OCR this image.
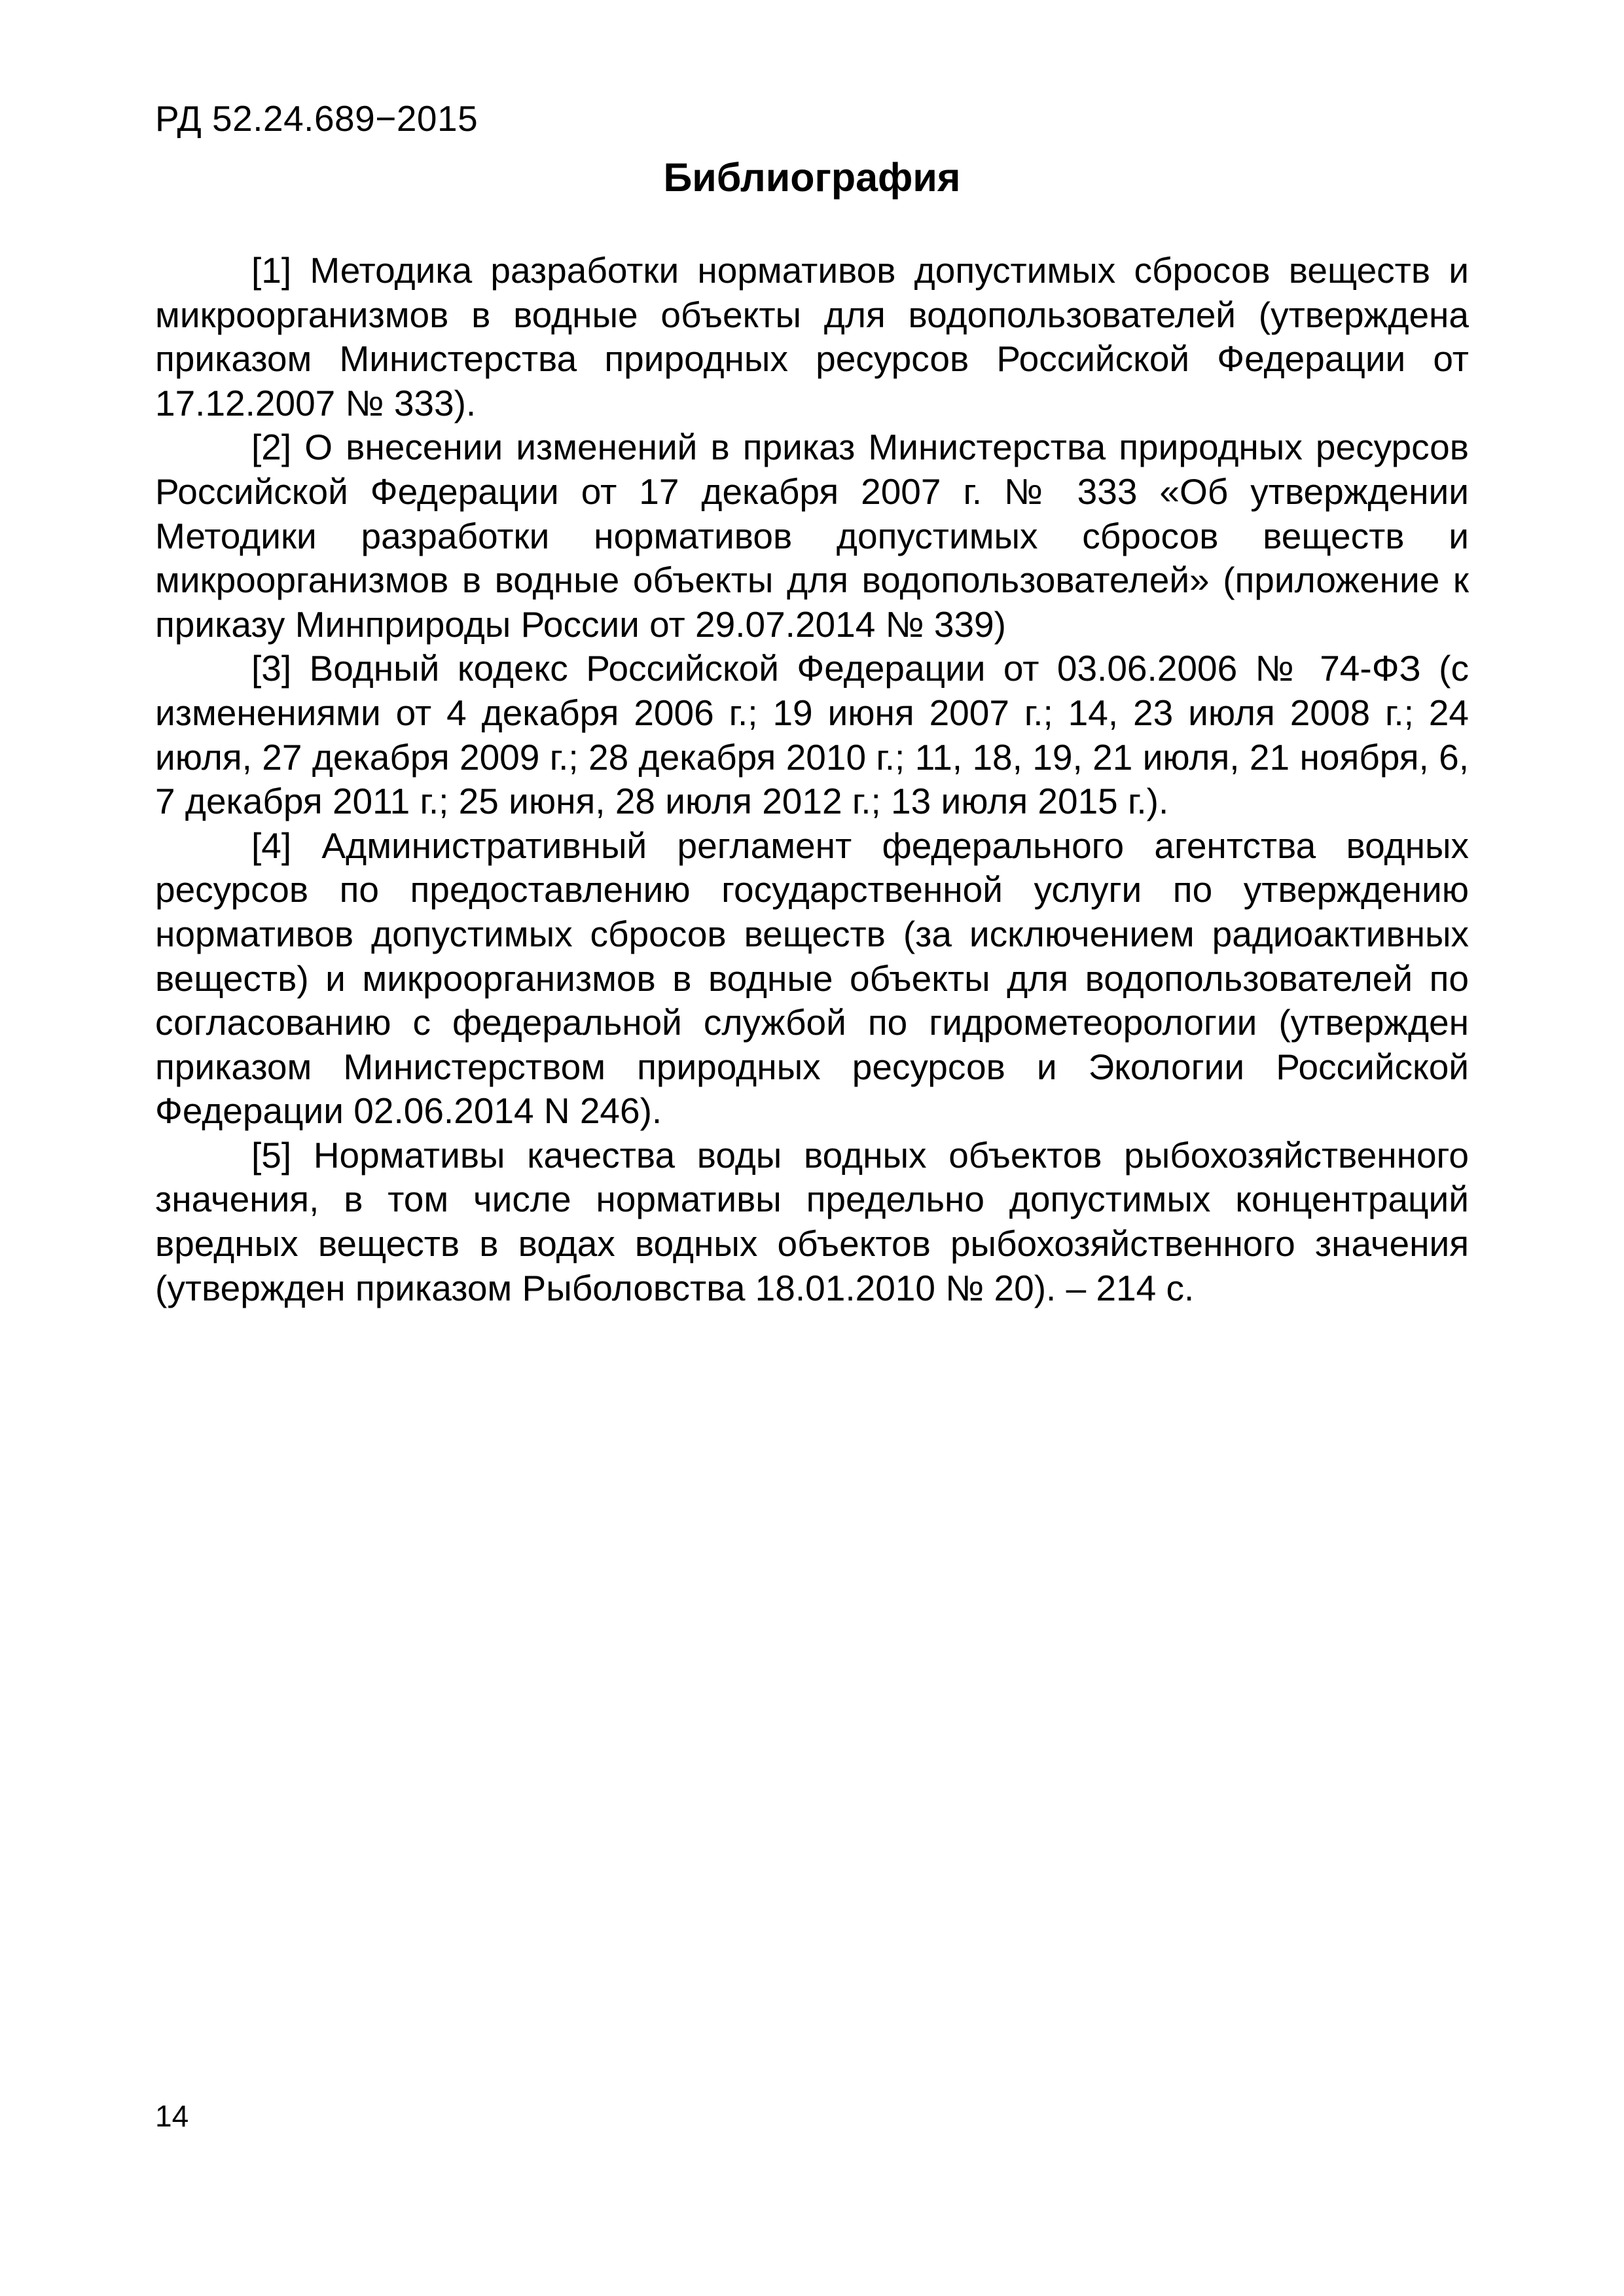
РД 52.24.689−2015
Библиография

[1] Методика разработки нормативов допустимых сбросов веществ и микроорганизмов в водные объекты для водопользователей (утверждена приказом Министерства природных ресурсов Российской Федерации от 17.12.2007 № 333).

[2] О внесении изменений в приказ Министерства природных ресурсов Российской Федерации от 17 декабря 2007 г. № 333 «Об утверждении Методики разработки нормативов допустимых сбросов веществ и микроорганизмов в водные объекты для водопользователей» (приложение к приказу Минприроды России от 29.07.2014 № 339)

[3] Водный кодекс Российской Федерации от 03.06.2006 № 74-ФЗ (с изменениями от 4 декабря 2006 г.; 19 июня 2007 г.; 14, 23 июля 2008 г.; 24 июля, 27 декабря 2009 г.; 28 декабря 2010 г.; 11, 18, 19, 21 июля, 21 ноября, 6, 7 декабря 2011 г.; 25 июня, 28 июля 2012 г.; 13 июля 2015 г.).

[4] Административный регламент федерального агентства водных ресурсов по предоставлению государственной услуги по утверждению нормативов допустимых сбросов веществ (за исключением радиоактивных веществ) и микроорганизмов в водные объекты для водопользователей по согласованию с федеральной службой по гидрометеорологии (утвержден приказом Министерством природных ресурсов и Экологии Российской Федерации 02.06.2014 N 246).

[5] Нормативы качества воды водных объектов рыбохозяйственного значения, в том числе нормативы предельно допустимых концентраций вредных веществ в водах водных объектов рыбохозяйственного значения (утвержден приказом Рыболовства 18.01.2010 № 20). – 214 с.

14
